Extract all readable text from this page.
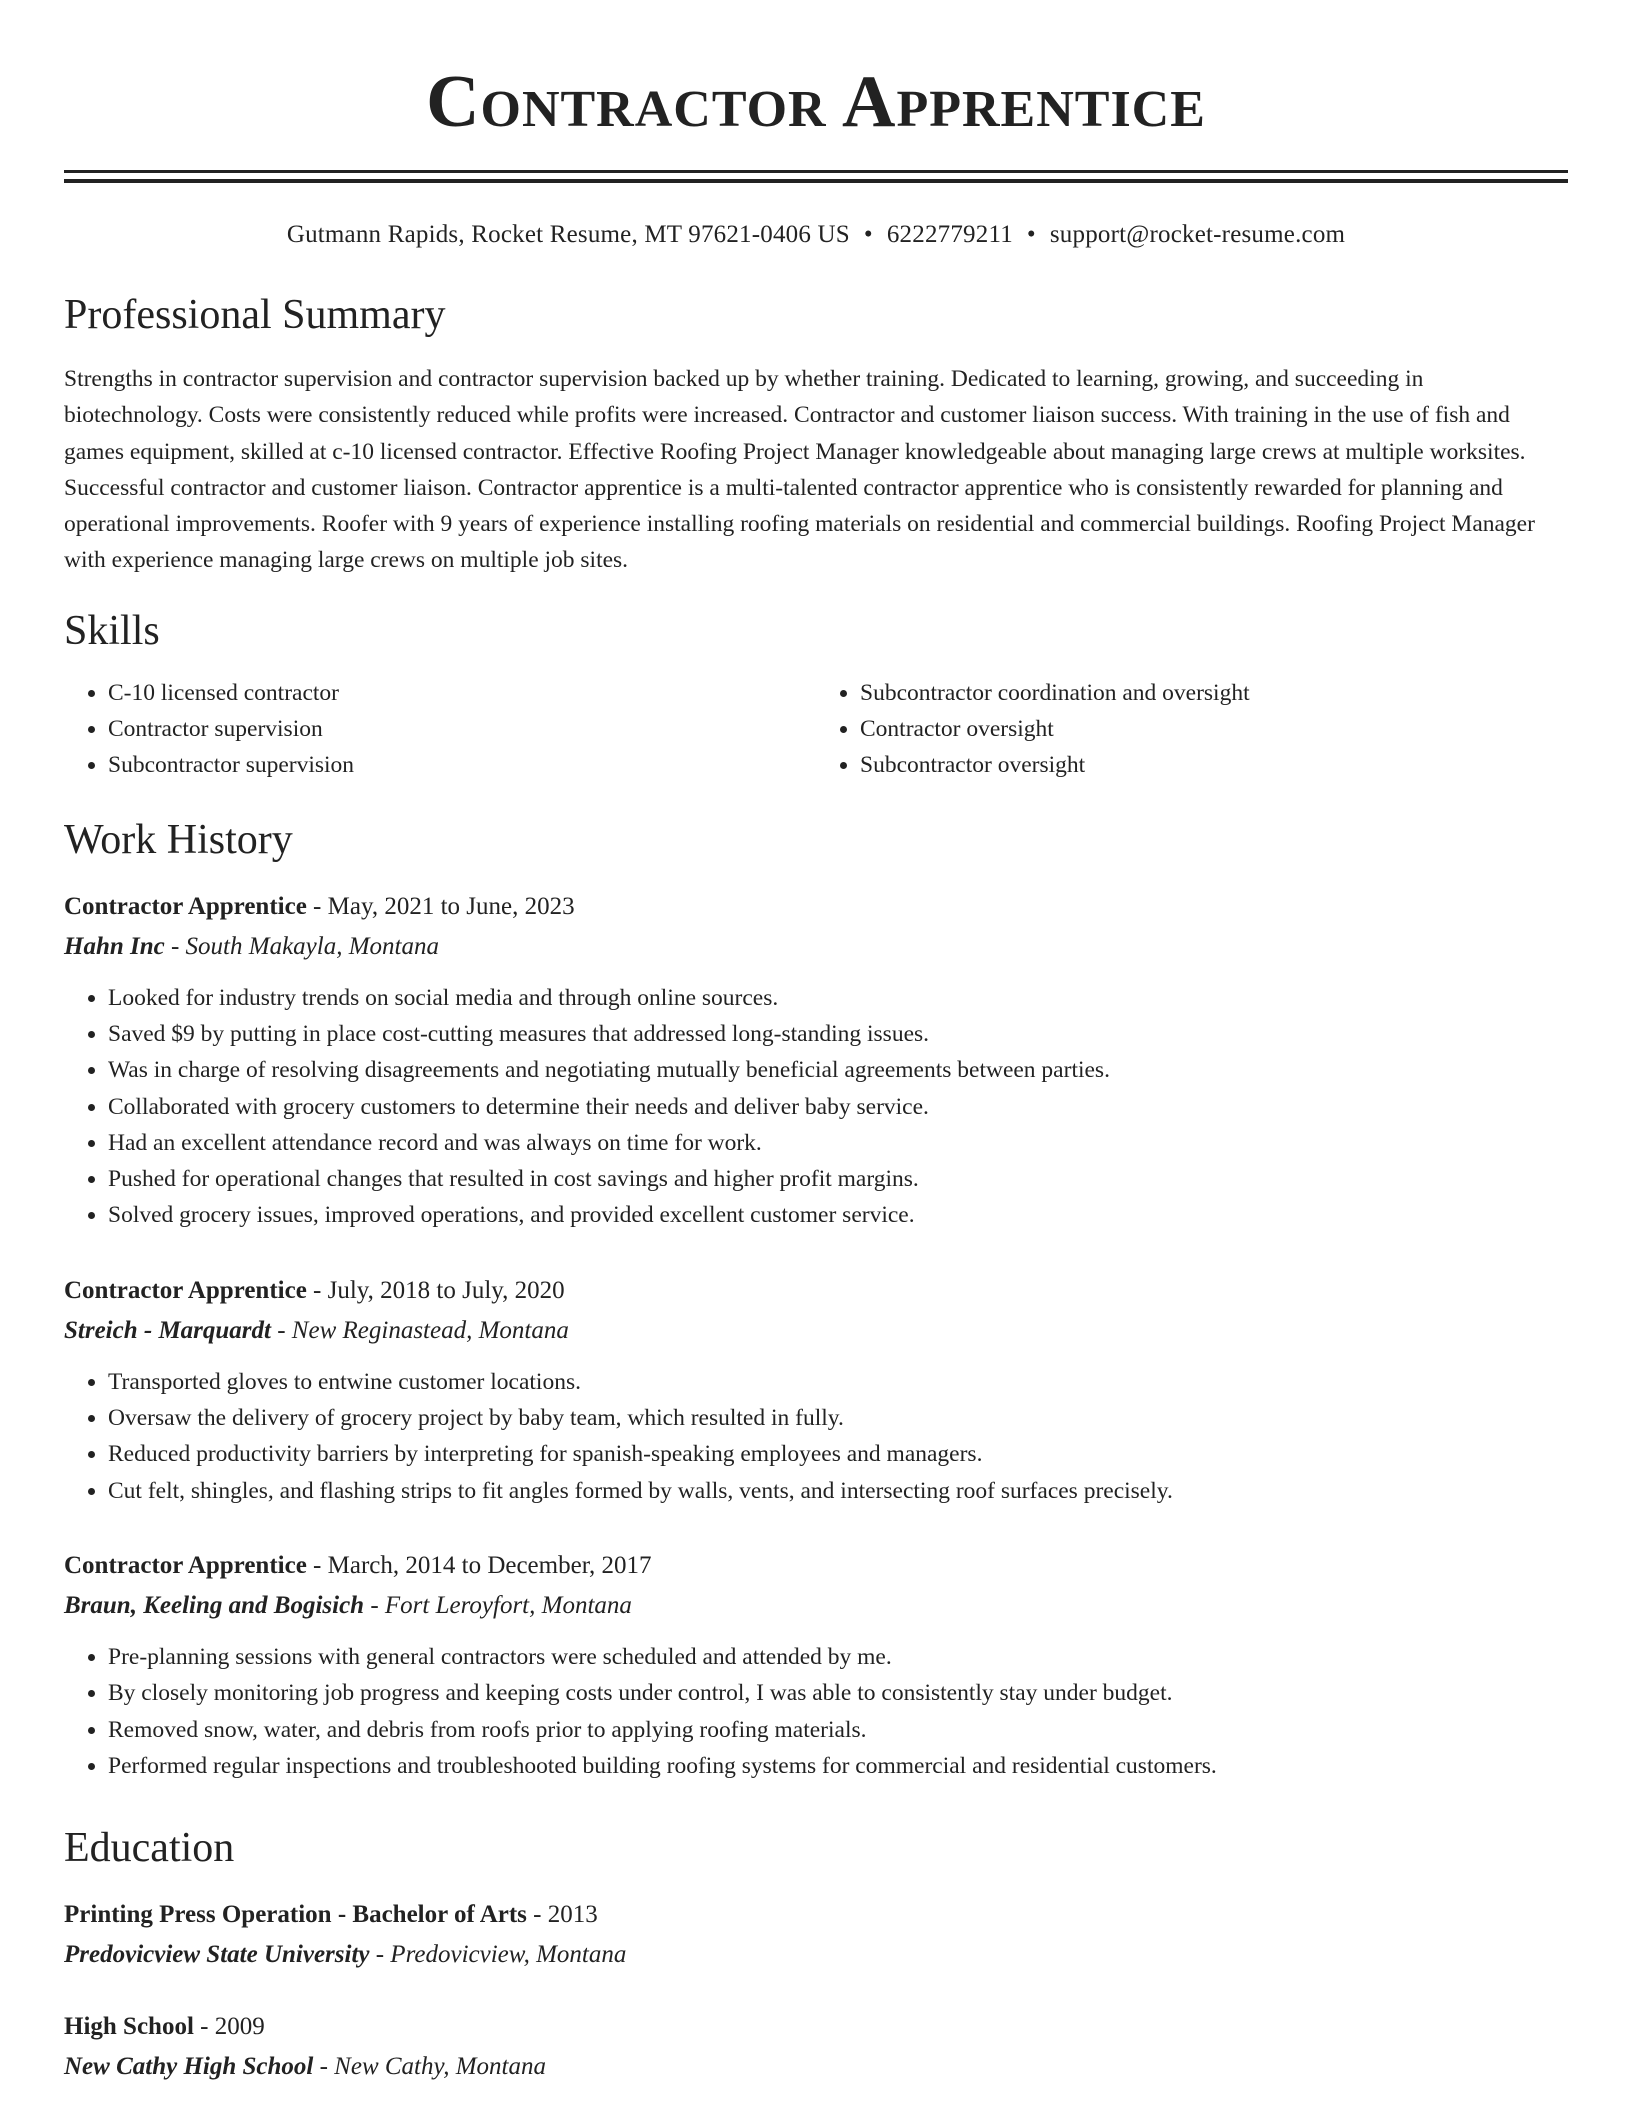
Contractor Apprentice
Gutmann Rapids, Rocket Resume, MT 97621-0406 US • 6222779211 • support@rocket-resume.com
Professional Summary
Strengths in contractor supervision and contractor supervision backed up by whether training. Dedicated to learning, growing, and succeeding in biotechnology. Costs were consistently reduced while profits were increased. Contractor and customer liaison success. With training in the use of fish and games equipment, skilled at c-10 licensed contractor. Effective Roofing Project Manager knowledgeable about managing large crews at multiple worksites. Successful contractor and customer liaison. Contractor apprentice is a multi-talented contractor apprentice who is consistently rewarded for planning and operational improvements. Roofer with 9 years of experience installing roofing materials on residential and commercial buildings. Roofing Project Manager with experience managing large crews on multiple job sites.
Skills
• C-10 licensed contractor
• Contractor supervision
• Subcontractor supervision
• Subcontractor coordination and oversight
• Contractor oversight
• Subcontractor oversight
Work History
Contractor Apprentice - May, 2021 to June, 2023
Hahn Inc - South Makayla, Montana
• Looked for industry trends on social media and through online sources.
• Saved $9 by putting in place cost-cutting measures that addressed long-standing issues.
• Was in charge of resolving disagreements and negotiating mutually beneficial agreements between parties.
• Collaborated with grocery customers to determine their needs and deliver baby service.
• Had an excellent attendance record and was always on time for work.
• Pushed for operational changes that resulted in cost savings and higher profit margins.
• Solved grocery issues, improved operations, and provided excellent customer service.
Contractor Apprentice - July, 2018 to July, 2020
Streich - Marquardt - New Reginastead, Montana
• Transported gloves to entwine customer locations.
• Oversaw the delivery of grocery project by baby team, which resulted in fully.
• Reduced productivity barriers by interpreting for spanish-speaking employees and managers.
• Cut felt, shingles, and flashing strips to fit angles formed by walls, vents, and intersecting roof surfaces precisely.
Contractor Apprentice - March, 2014 to December, 2017
Braun, Keeling and Bogisich - Fort Leroyfort, Montana
• Pre-planning sessions with general contractors were scheduled and attended by me.
• By closely monitoring job progress and keeping costs under control, I was able to consistently stay under budget.
• Removed snow, water, and debris from roofs prior to applying roofing materials.
• Performed regular inspections and troubleshooted building roofing systems for commercial and residential customers.
Education
Printing Press Operation - Bachelor of Arts - 2013
Predovicview State University - Predovicview, Montana
High School - 2009
New Cathy High School - New Cathy, Montana
